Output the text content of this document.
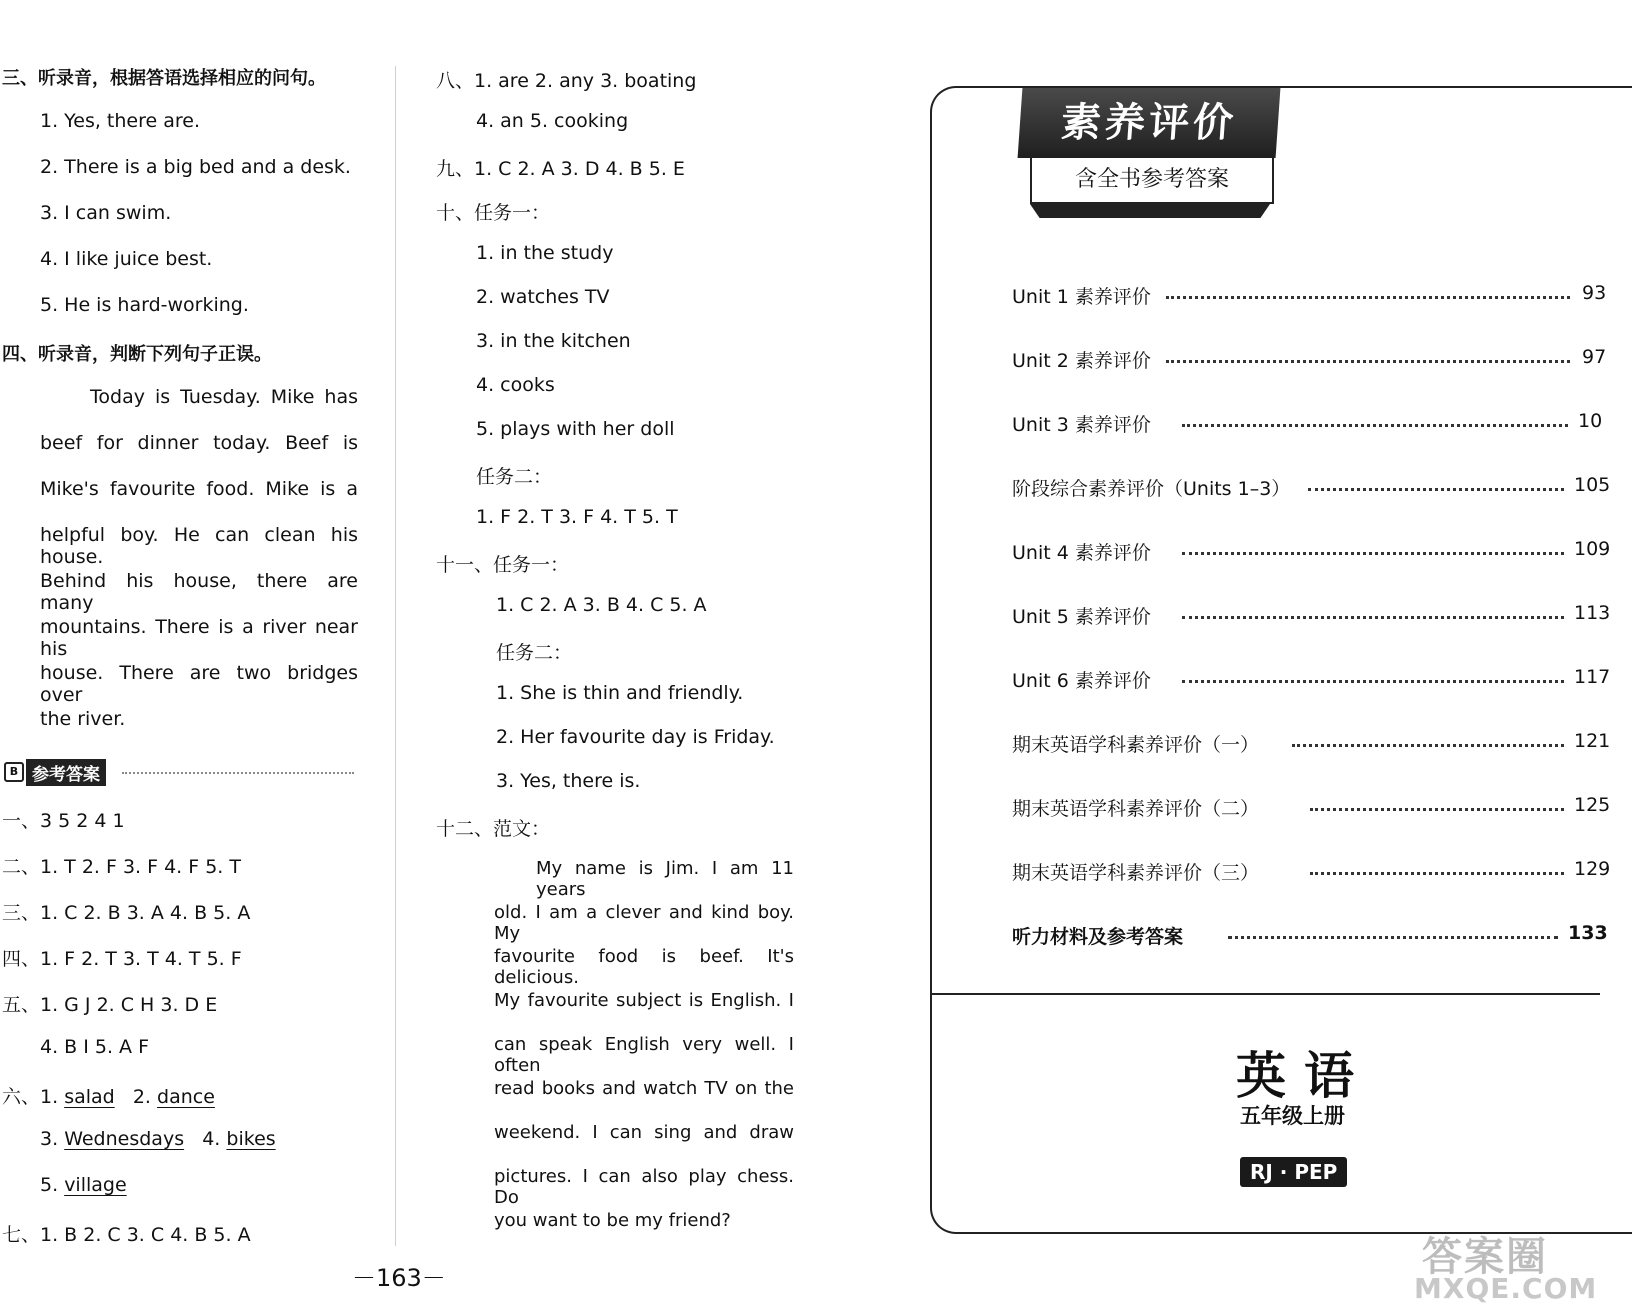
三、听录音，根据答语选择相应的问句。
1. Yes, there are.
2. There is a big bed and a desk.
3. I can swim.
4. I like juice best.
5. He is hard-working.
四、听录音，判断下列句子正误。
Today is Tuesday. Mike has
beef for dinner today. Beef is
Mike's favourite food. Mike is a
helpful boy. He can clean his house.
Behind his house, there are many
mountains. There is a river near his
house. There are two bridges over
the river.
B 参考答案
一、3 5 2 4 1
二、1. T 2. F 3. F 4. F 5. T
三、1. C 2. B 3. A 4. B 5. A
四、1. F 2. T 3. T 4. T 5. F
五、1. G J 2. C H 3. D E
4. B I 5. A F
六、1. salad 2. dance
3. Wednesdays 4. bikes
5. village
七、1. B 2. C 3. C 4. B 5. A
八、1. are 2. any 3. boating
4. an 5. cooking
九、1. C 2. A 3. D 4. B 5. E
十、任务一：
1. in the study
2. watches TV
3. in the kitchen
4. cooks
5. plays with her doll
任务二：
1. F 2. T 3. F 4. T 5. T
十一、任务一：
1. C 2. A 3. B 4. C 5. A
任务二：
1. She is thin and friendly.
2. Her favourite day is Friday.
3. Yes, there is.
十二、范文：
My name is Jim. I am 11 years
old. I am a clever and kind boy. My
favourite food is beef. It's delicious.
My favourite subject is English. I
can speak English very well. I often
read books and watch TV on the
weekend. I can sing and draw
pictures. I can also play chess. Do
you want to be my friend?
－163－
素养评价
含全书参考答案
Unit 1 素养评价	93
Unit 2 素养评价	97
Unit 3 素养评价	10
阶段综合素养评价（Units 1–3）	105
Unit 4 素养评价	109
Unit 5 素养评价	113
Unit 6 素养评价	117
期末英语学科素养评价（一）	121
期末英语学科素养评价（二）	125
期末英语学科素养评价（三）	129
听力材料及参考答案	133
英语
五年级上册
RJ · PEP
答案圈
MXQE.COM
